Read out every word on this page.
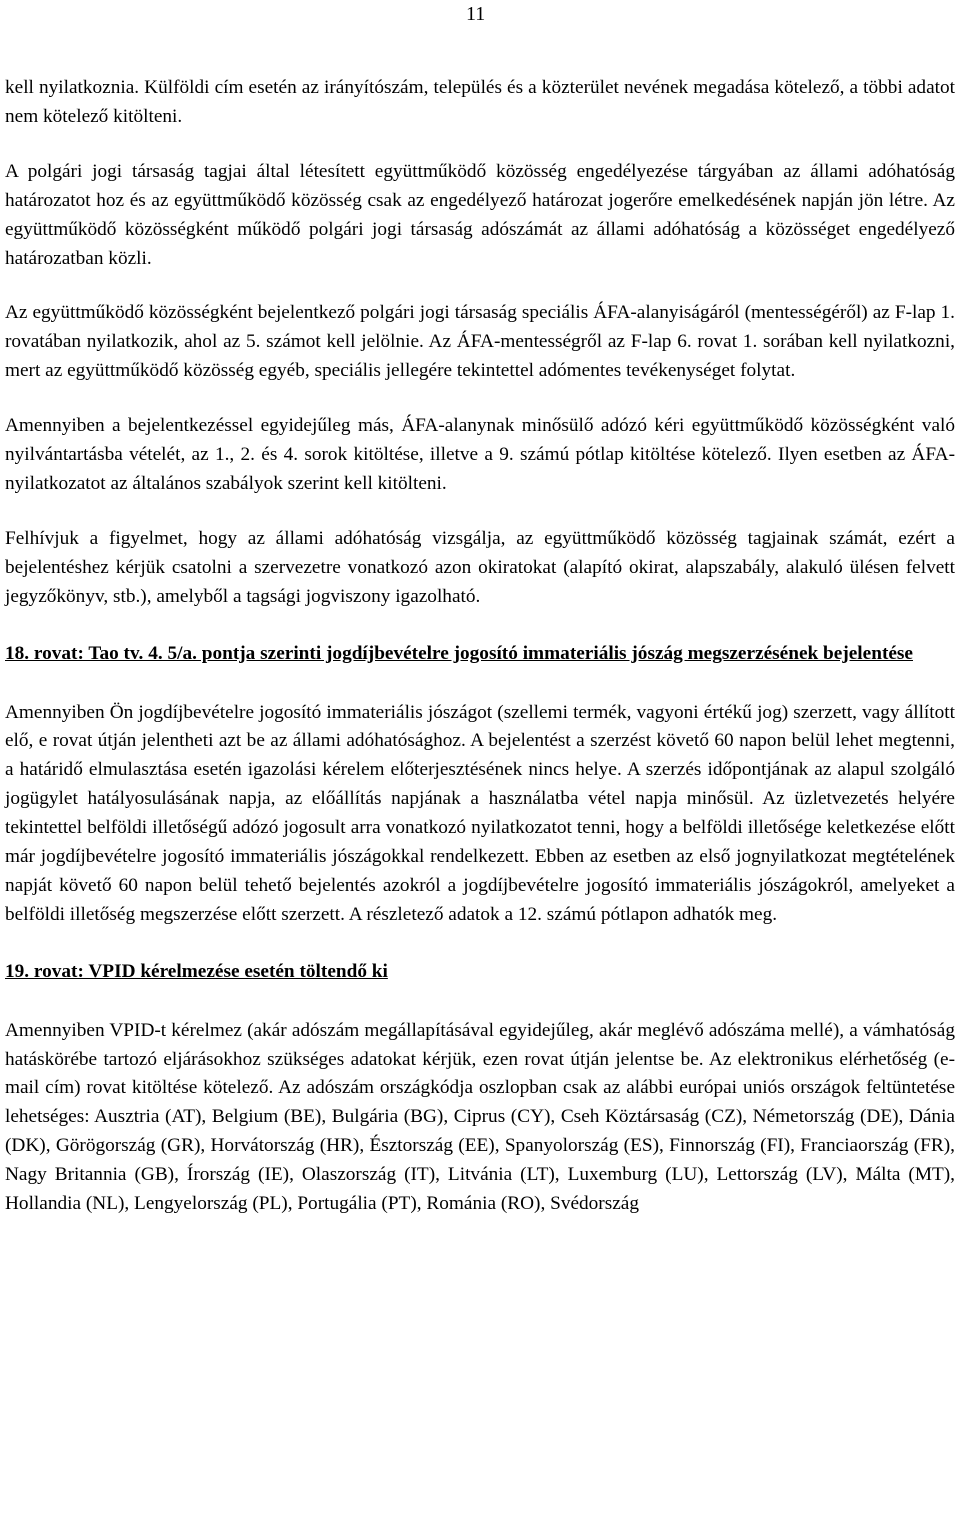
11

kell nyilatkoznia. Külföldi cím esetén az irányítószám, település és a közterület nevének megadása kötelező, a többi adatot nem kötelező kitölteni.

A polgári jogi társaság tagjai által létesített együttműködő közösség engedélyezése tárgyában az állami adóhatóság határozatot hoz és az együttműködő közösség csak az engedélyező határozat jogerőre emelkedésének napján jön létre. Az együttműködő közösségként működő polgári jogi társaság adószámát az állami adóhatóság a közösséget engedélyező határozatban közli.

Az együttműködő közösségként bejelentkező polgári jogi társaság speciális ÁFA-alanyiságáról (mentességéről) az F-lap 1. rovatában nyilatkozik, ahol az 5. számot kell jelölnie. Az ÁFA-mentességről az F-lap 6. rovat 1. sorában kell nyilatkozni, mert az együttműködő közösség egyéb, speciális jellegére tekintettel adómentes tevékenységet folytat.

Amennyiben a bejelentkezéssel egyidejűleg más, ÁFA-alanynak minősülő adózó kéri együttműködő közösségként való nyilvántartásba vételét, az 1., 2. és 4. sorok kitöltése, illetve a 9. számú pótlap kitöltése kötelező. Ilyen esetben az ÁFA-nyilatkozatot az általános szabályok szerint kell kitölteni.

Felhívjuk a figyelmet, hogy az állami adóhatóság vizsgálja, az együttműködő közösség tagjainak számát, ezért a bejelentéshez kérjük csatolni a szervezetre vonatkozó azon okiratokat (alapító okirat, alapszabály, alakuló ülésen felvett jegyzőkönyv, stb.), amelyből a tagsági jogviszony igazolható.

18. rovat: Tao tv. 4. 5/a. pontja szerinti jogdíjbevételre jogosító immateriális jószág megszerzésének bejelentése

Amennyiben Ön jogdíjbevételre jogosító immateriális jószágot (szellemi termék, vagyoni értékű jog) szerzett, vagy állított elő, e rovat útján jelentheti azt be az állami adóhatósághoz. A bejelentést a szerzést követő 60 napon belül lehet megtenni, a határidő elmulasztása esetén igazolási kérelem előterjesztésének nincs helye. A szerzés időpontjának az alapul szolgáló jogügylet hatályosulásának napja, az előállítás napjának a használatba vétel napja minősül. Az üzletvezetés helyére tekintettel belföldi illetőségű adózó jogosult arra vonatkozó nyilatkozatot tenni, hogy a belföldi illetősége keletkezése előtt már jogdíjbevételre jogosító immateriális jószágokkal rendelkezett. Ebben az esetben az első jognyilatkozat megtételének napját követő 60 napon belül tehető bejelentés azokról a jogdíjbevételre jogosító immateriális jószágokról, amelyeket a belföldi illetőség megszerzése előtt szerzett. A részletező adatok a 12. számú pótlapon adhatók meg.

19. rovat: VPID kérelmezése esetén töltendő ki

Amennyiben VPID-t kérelmez (akár adószám megállapításával egyidejűleg, akár meglévő adószáma mellé), a vámhatóság hatáskörébe tartozó eljárásokhoz szükséges adatokat kérjük, ezen rovat útján jelentse be. Az elektronikus elérhetőség (e-mail cím) rovat kitöltése kötelező. Az adószám országkódja oszlopban csak az alábbi európai uniós országok feltüntetése lehetséges: Ausztria (AT), Belgium (BE), Bulgária (BG), Ciprus (CY), Cseh Köztársaság (CZ), Németország (DE), Dánia (DK), Görögország (GR), Horvátország (HR), Észtország (EE), Spanyolország (ES), Finnország (FI), Franciaország (FR), Nagy Britannia (GB), Írország (IE), Olaszország (IT), Litvánia (LT), Luxemburg (LU), Lettország (LV), Málta (MT), Hollandia (NL), Lengyelország (PL), Portugália (PT), Románia (RO), Svédország
